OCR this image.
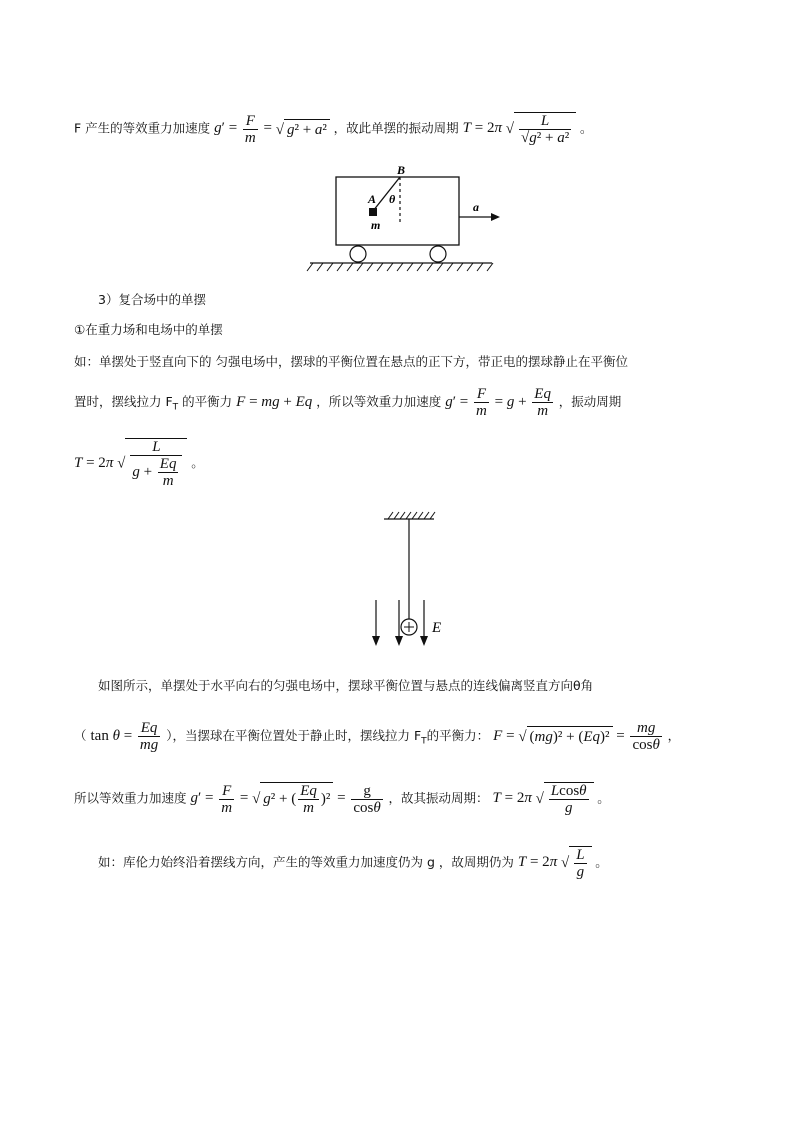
F 产生的等效重力加速度 $g' = \frac{F}{m}$ = √ g² + a² ，故此单摆的振动周期 T = 2π √ $\frac{L}{\text{√g² + a²}}$ 。
B
A θ
m
a
3）复合场中的单摆
①在重力场和电场中的单摆
如：单摆处于竖直向下的 匀强电场中，摆球的平衡位置在悬点的正下方，带正电的摆球静止在平衡位
置时，摆线拉力 $F_T$ 的平衡力 F = mg + Eq ，所以等效重力加速度 $g' = \frac{F}{m} = g + \frac{Eq}{m}$ ，振动周期
T = 2π √ $\frac{L}{g + \frac{Eq}{m}}$ 。
E
如图所示，单摆处于水平向右的匀强电场中，摆球平衡位置与悬点的连线偏离竖直方向θ角
（ $\tan \theta = \frac{Eq}{mg}$ ），当摆球在平衡位置处于静止时，摆线拉力 $F_T$的平衡力： F = √ $(mg)^2 + (Eq)^2 = \frac{mg}{\cos\theta}$ ，
所以等效重力加速度 $g' = \frac{F}{m}$ = √ g² + ( $\frac{Eq}{m} )^2 = \frac{g}{\cos\theta}$ ，故其振动周期： T = 2π √ $\frac{Lcos\theta}{g}$ 。
如：库伦力始终沿着摆线方向，产生的等效重力加速度仍为 g ，故周期仍为 T = 2π √ $\frac{L}{g}$ 。
